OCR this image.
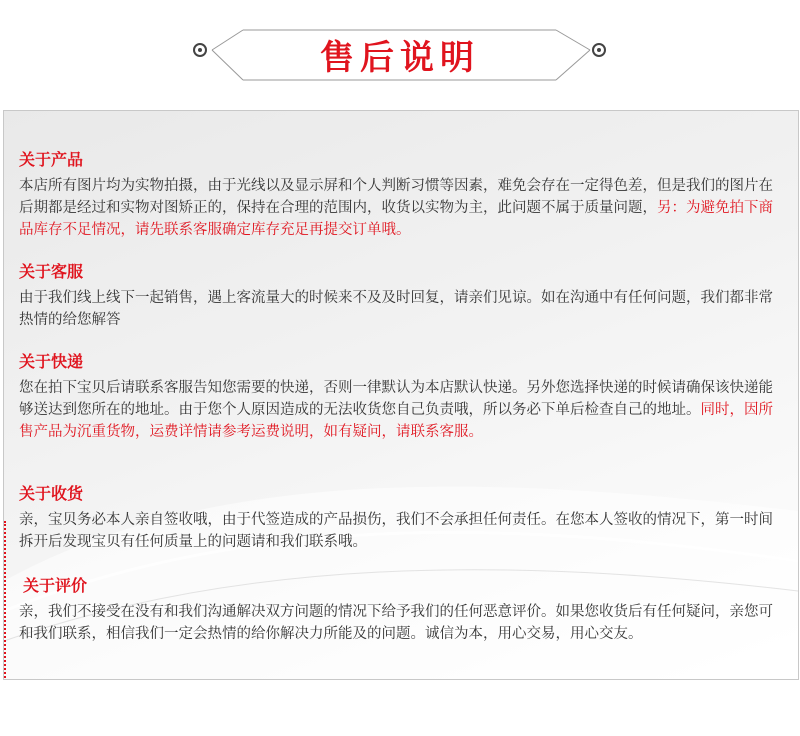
售后说明
关于产品
本店所有图片均为实物拍摄，由于光线以及显示屏和个人判断习惯等因素，难免会存在一定得色差，但是我们的图片在后期都是经过和实物对图矫正的，保持在合理的范围内，收货以实物为主，此问题不属于质量问题，另：为避免拍下商品库存不足情况，请先联系客服确定库存充足再提交订单哦。
关于客服
由于我们线上线下一起销售，遇上客流量大的时候来不及及时回复，请亲们见谅。如在沟通中有任何问题，我们都非常热情的给您解答
关于快递
您在拍下宝贝后请联系客服告知您需要的快递，否则一律默认为本店默认快递。另外您选择快递的时候请确保该快递能够送达到您所在的地址。由于您个人原因造成的无法收货您自己负责哦，所以务必下单后检查自己的地址。同时，因所售产品为沉重货物，运费详情请参考运费说明，如有疑问，请联系客服。
关于收货
亲，宝贝务必本人亲自签收哦，由于代签造成的产品损伤，我们不会承担任何责任。在您本人签收的情况下，第一时间拆开后发现宝贝有任何质量上的问题请和我们联系哦。
关于评价
亲，我们不接受在没有和我们沟通解决双方问题的情况下给予我们的任何恶意评价。如果您收货后有任何疑问，亲您可和我们联系，相信我们一定会热情的给你解决力所能及的问题。诚信为本，用心交易，用心交友。
